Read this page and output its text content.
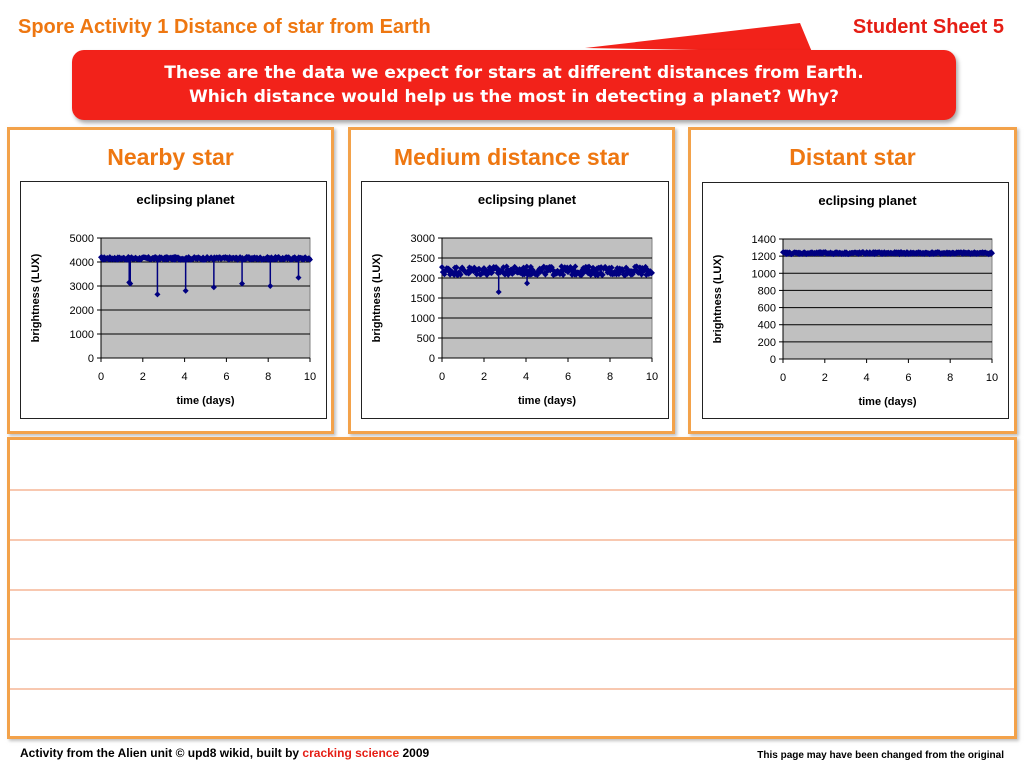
Spore Activity 1 Distance of star from Earth	Student Sheet 5
These are the data we expect for stars at different distances from Earth.
Which distance would help us the most in detecting a planet? Why?
Nearby star
eclipsing planet
0
1000
2000
3000
4000
5000
0	2	4	6	8	10
time (days)
brightness (LUX)
Medium distance star
eclipsing planet
0
500
1000
1500
2000
2500
3000
0	2	4	6	8	10
time (days)
brightness (LUX)
Distant star
eclipsing planet
0
200
400
600
800
1000
1200
1400
0	2	4	6	8	10
time (days)
brightness (LUX)
Activity from the Alien unit © upd8 wikid, built by cracking science 2009	This page may have been changed from the original
